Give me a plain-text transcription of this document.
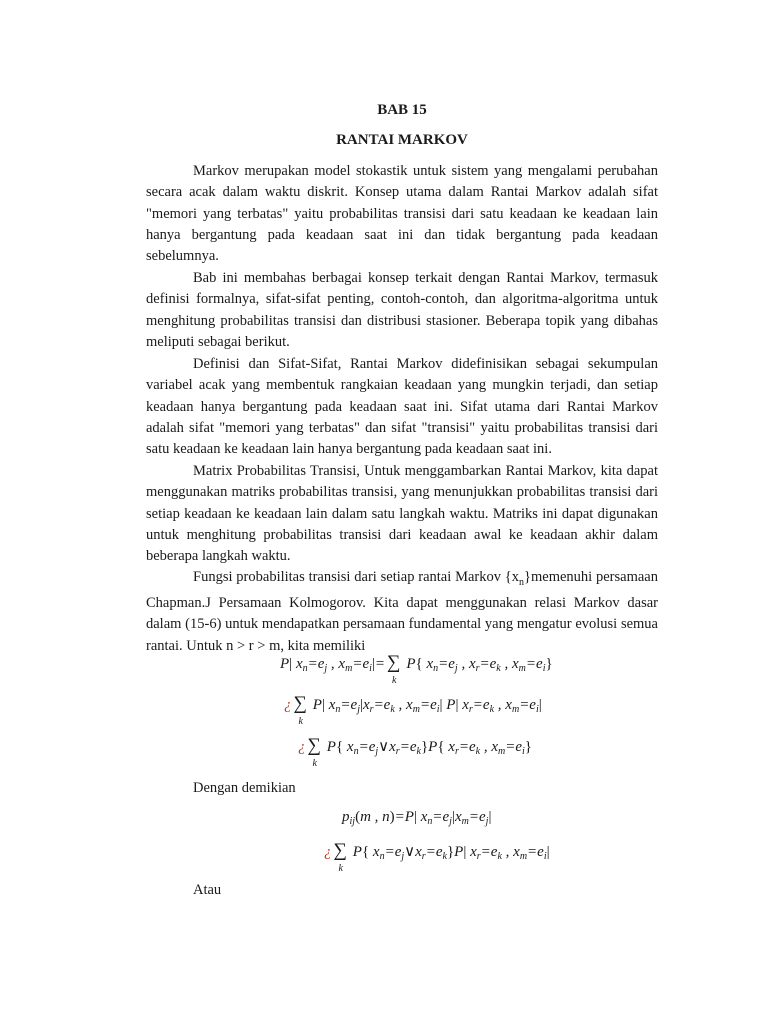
BAB 15
RANTAI MARKOV

Markov merupakan model stokastik untuk sistem yang mengalami perubahan secara acak dalam waktu diskrit. Konsep utama dalam Rantai Markov adalah sifat "memori yang terbatas" yaitu probabilitas transisi dari satu keadaan ke keadaan lain hanya bergantung pada keadaan saat ini dan tidak bergantung pada keadaan sebelumnya.

Bab ini membahas berbagai konsep terkait dengan Rantai Markov, termasuk definisi formalnya, sifat-sifat penting, contoh-contoh, dan algoritma-algoritma untuk menghitung probabilitas transisi dan distribusi stasioner. Beberapa topik yang dibahas meliputi sebagai berikut.

Definisi dan Sifat-Sifat, Rantai Markov didefinisikan sebagai sekumpulan variabel acak yang membentuk rangkaian keadaan yang mungkin terjadi, dan setiap keadaan hanya bergantung pada keadaan saat ini. Sifat utama dari Rantai Markov adalah sifat "memori yang terbatas" dan sifat "transisi" yaitu probabilitas transisi dari satu keadaan ke keadaan lain hanya bergantung pada keadaan saat ini.

Matrix Probabilitas Transisi, Untuk menggambarkan Rantai Markov, kita dapat menggunakan matriks probabilitas transisi, yang menunjukkan probabilitas transisi dari setiap keadaan ke keadaan lain dalam satu langkah waktu. Matriks ini dapat digunakan untuk menghitung probabilitas transisi dari keadaan awal ke keadaan akhir dalam beberapa langkah waktu.

Fungsi probabilitas transisi dari setiap rantai Markov $\{x_n\}memenuhi$ persamaan Chapman.J Persamaan Kolmogorov. Kita dapat menggunakan relasi Markov dasar dalam (15-6) untuk mendapatkan persamaan fundamental yang mengatur evolusi semua rantai. Untuk n > r > m, kita memiliki

P| $x_n=e_j$ , $x_m=e_i|=$ ∑
k
P{ $x_n=e_j$ , $x_r=e_k$ , $x_m=e_i$}
¿ ∑
k
P| $x_n=e_j|x_r=e_k$ , $x_m=e_i|$ P| $x_r=e_k$ , $x_m=e_i|$
¿ ∑
k
P{ $x_n=e_j\vee x_r=e_k\}P${ $x_r=e_k$ , $x_m=e_i$}
Dengan demikian
$p_{ij}(m$ , n)=P| $x_n=e_j|x_m=e_j|$
¿ ∑
k
P{ $x_n=e_j\vee x_r=e_k\}P|$ $x_r=e_k$ , $x_m=e_i|$
Atau
